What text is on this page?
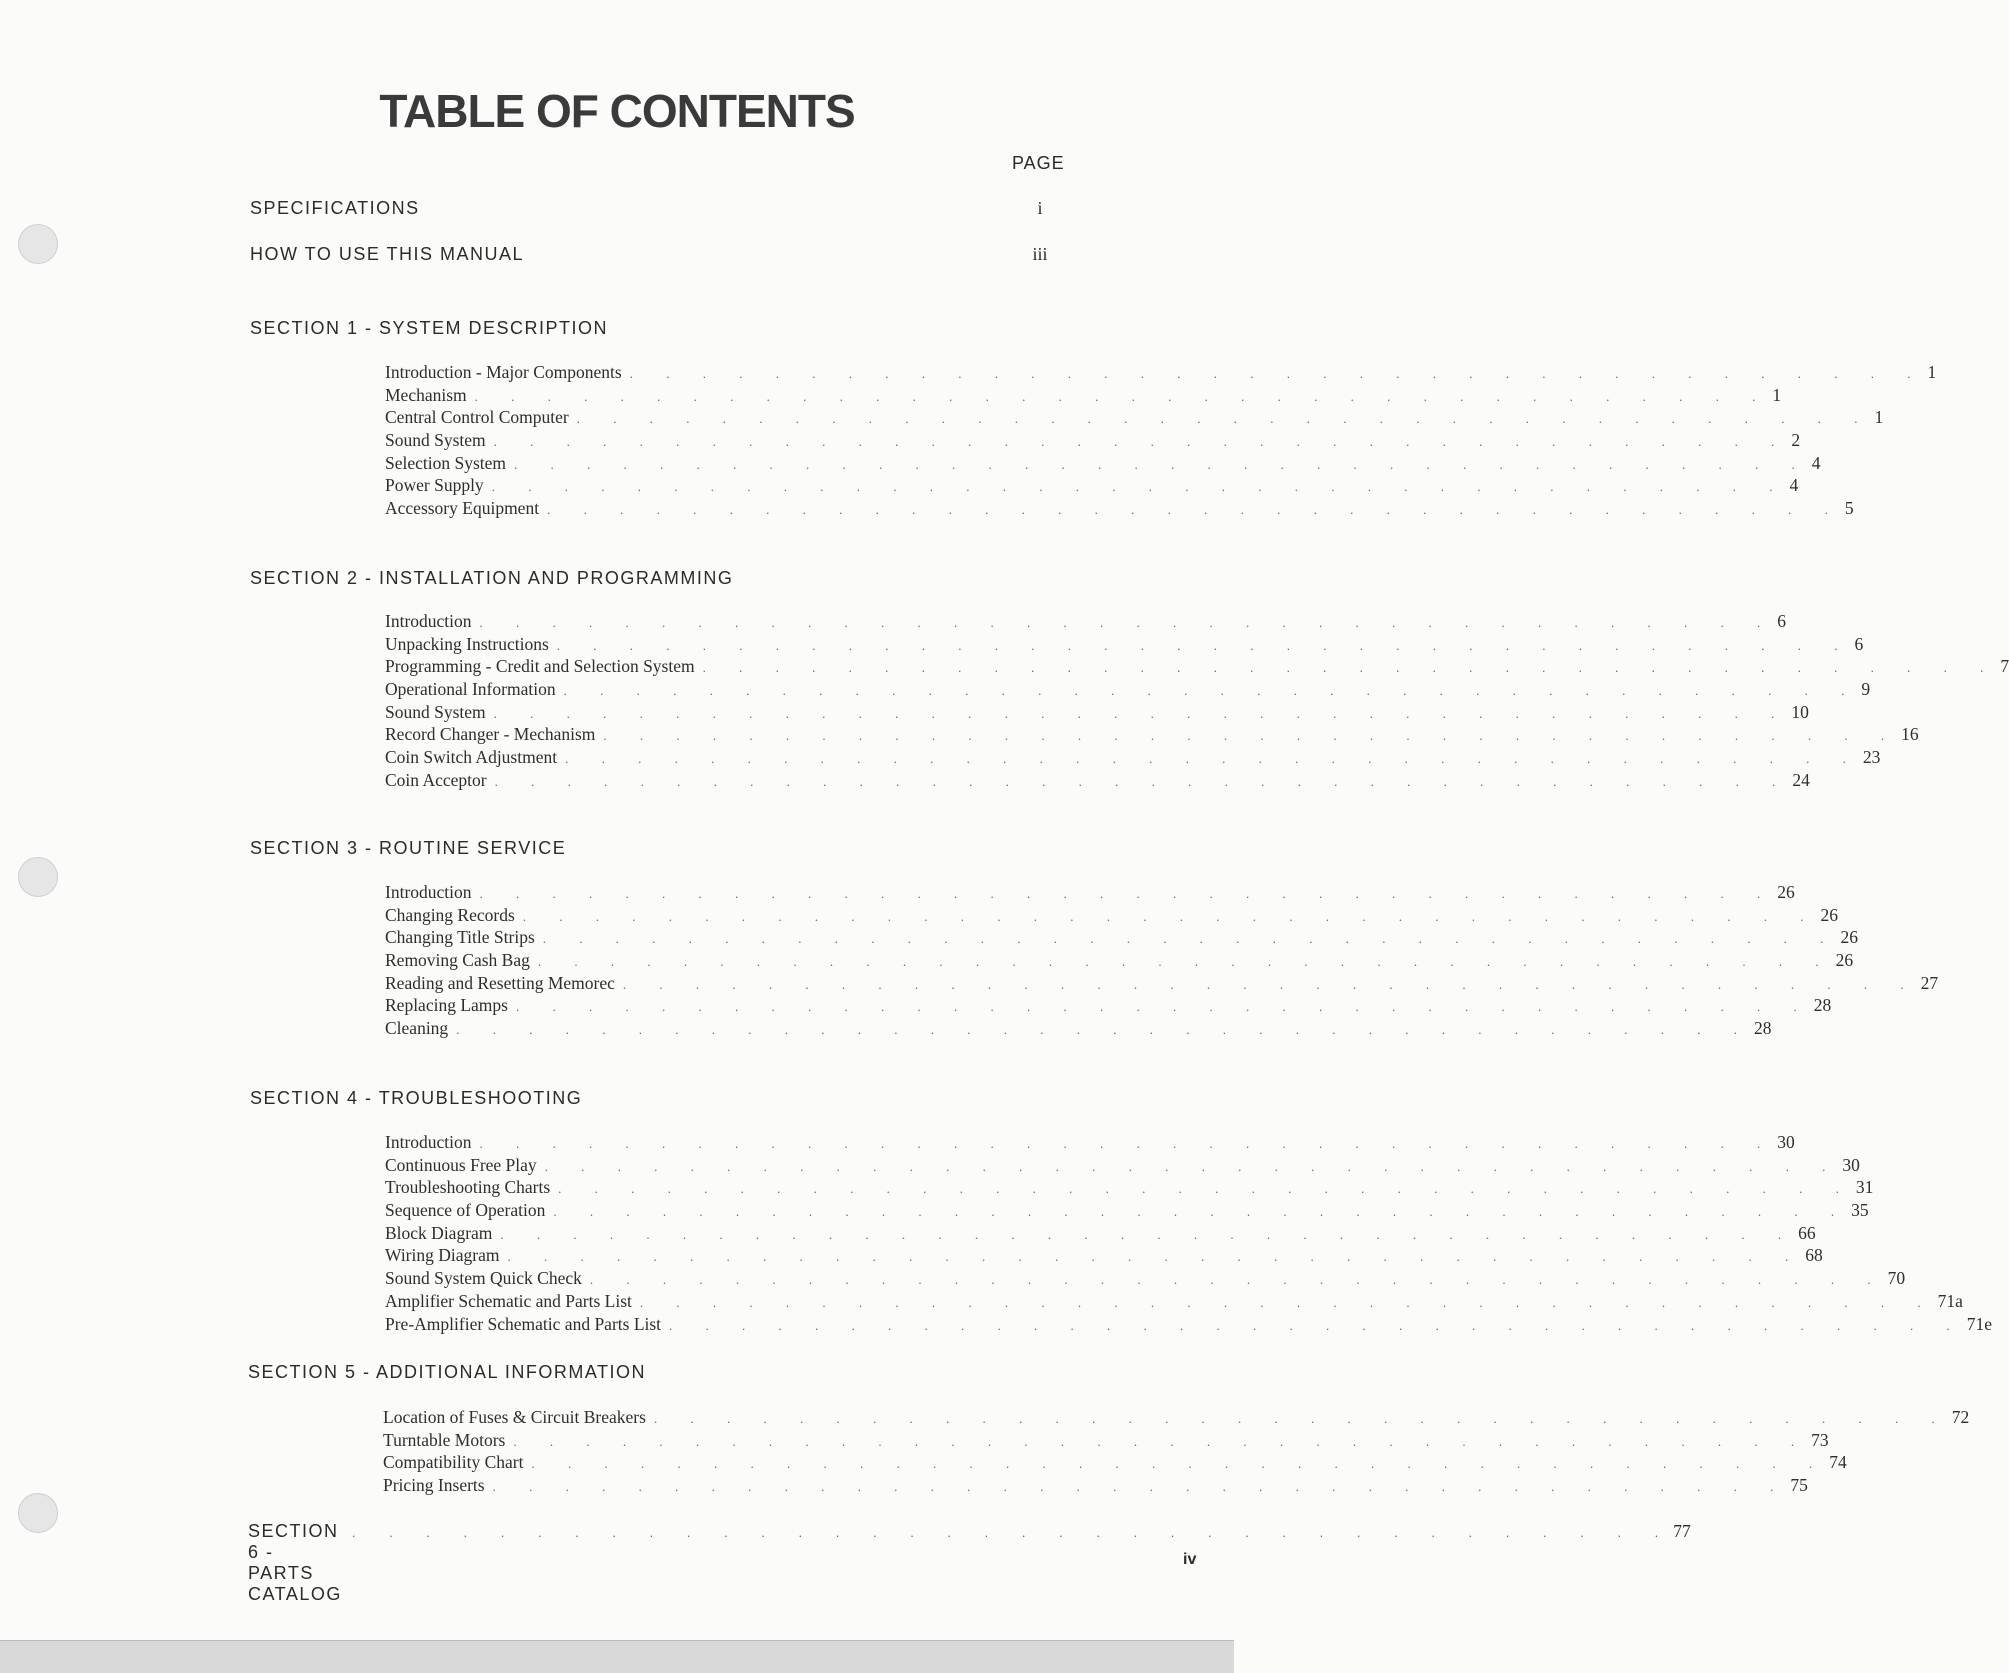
TABLE OF CONTENTS
PAGE
SPECIFICATIONS	i
HOW TO USE THIS MANUAL	iii
SECTION 1 - SYSTEM DESCRIPTION
Introduction - Major Components . . . . . . . . . . . . . . . . . . . . . . . . . . . . . . . . . . . . 1
Mechanism . . . . . . . . . . . . . . . . . . . . . . . . . . . . . . . . . . . . 1
Central Control Computer . . . . . . . . . . . . . . . . . . . . . . . . . . . . . . . . . . . . 1
Sound System . . . . . . . . . . . . . . . . . . . . . . . . . . . . . . . . . . . . 2
Selection System . . . . . . . . . . . . . . . . . . . . . . . . . . . . . . . . . . . . 4
Power Supply . . . . . . . . . . . . . . . . . . . . . . . . . . . . . . . . . . . . 4
Accessory Equipment . . . . . . . . . . . . . . . . . . . . . . . . . . . . . . . . . . . . 5
SECTION 2 - INSTALLATION AND PROGRAMMING
Introduction . . . . . . . . . . . . . . . . . . . . . . . . . . . . . . . . . . . . 6
Unpacking Instructions . . . . . . . . . . . . . . . . . . . . . . . . . . . . . . . . . . . . 6
Programming - Credit and Selection System . . . . . . . . . . . . . . . . . . . . . . . . . . . . . . . . . . . . 7
Operational Information . . . . . . . . . . . . . . . . . . . . . . . . . . . . . . . . . . . . 9
Sound System . . . . . . . . . . . . . . . . . . . . . . . . . . . . . . . . . . . . 10
Record Changer - Mechanism . . . . . . . . . . . . . . . . . . . . . . . . . . . . . . . . . . . . 16
Coin Switch Adjustment . . . . . . . . . . . . . . . . . . . . . . . . . . . . . . . . . . . . 23
Coin Acceptor . . . . . . . . . . . . . . . . . . . . . . . . . . . . . . . . . . . . 24
SECTION 3 - ROUTINE SERVICE
Introduction . . . . . . . . . . . . . . . . . . . . . . . . . . . . . . . . . . . . 26
Changing Records . . . . . . . . . . . . . . . . . . . . . . . . . . . . . . . . . . . . 26
Changing Title Strips . . . . . . . . . . . . . . . . . . . . . . . . . . . . . . . . . . . . 26
Removing Cash Bag . . . . . . . . . . . . . . . . . . . . . . . . . . . . . . . . . . . . 26
Reading and Resetting Memorec . . . . . . . . . . . . . . . . . . . . . . . . . . . . . . . . . . . . 27
Replacing Lamps . . . . . . . . . . . . . . . . . . . . . . . . . . . . . . . . . . . . 28
Cleaning . . . . . . . . . . . . . . . . . . . . . . . . . . . . . . . . . . . . 28
SECTION 4 - TROUBLESHOOTING
Introduction . . . . . . . . . . . . . . . . . . . . . . . . . . . . . . . . . . . . 30
Continuous Free Play . . . . . . . . . . . . . . . . . . . . . . . . . . . . . . . . . . . . 30
Troubleshooting Charts . . . . . . . . . . . . . . . . . . . . . . . . . . . . . . . . . . . . 31
Sequence of Operation . . . . . . . . . . . . . . . . . . . . . . . . . . . . . . . . . . . . 35
Block Diagram . . . . . . . . . . . . . . . . . . . . . . . . . . . . . . . . . . . . 66
Wiring Diagram . . . . . . . . . . . . . . . . . . . . . . . . . . . . . . . . . . . . 68
Sound System Quick Check . . . . . . . . . . . . . . . . . . . . . . . . . . . . . . . . . . . . 70
Amplifier Schematic and Parts List . . . . . . . . . . . . . . . . . . . . . . . . . . . . . . . . . . . . 71a
Pre-Amplifier Schematic and Parts List . . . . . . . . . . . . . . . . . . . . . . . . . . . . . . . . . . . . 71e
SECTION 5 - ADDITIONAL INFORMATION
Location of Fuses & Circuit Breakers . . . . . . . . . . . . . . . . . . . . . . . . . . . . . . . . . . . . 72
Turntable Motors . . . . . . . . . . . . . . . . . . . . . . . . . . . . . . . . . . . . 73
Compatibility Chart . . . . . . . . . . . . . . . . . . . . . . . . . . . . . . . . . . . . 74
Pricing Inserts . . . . . . . . . . . . . . . . . . . . . . . . . . . . . . . . . . . . 75
SECTION 6 - PARTS CATALOG
. . . . . . . . . . . . . . . . . . . . . . . . . . . . . . . . . . . . 77
iv
